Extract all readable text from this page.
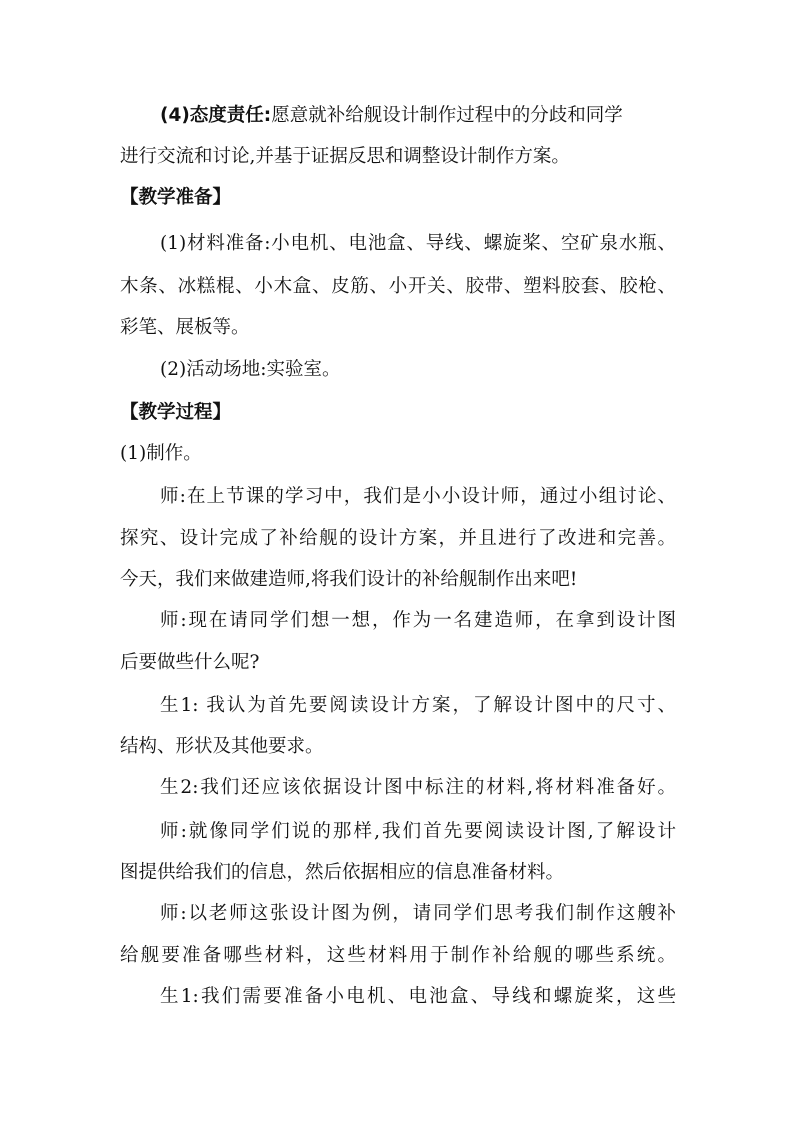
(4)态度责任:愿意就补给舰设计制作过程中的分歧和同学
进行交流和讨论,并基于证据反思和调整设计制作方案。
【教学准备】
(1)材料准备:小电机、电池盒、导线、螺旋桨、空矿泉水瓶、
木条、冰糕棍、小木盒、皮筋、小开关、胶带、塑料胶套、胶枪、
彩笔、展板等。
(2)活动场地:实验室。
【教学过程】
(1)制作。
师:在上节课的学习中，我们是小小设计师，通过小组讨论、
探究、设计完成了补给舰的设计方案，并且进行了改进和完善。
今天，我们来做建造师,将我们设计的补给舰制作出来吧!
师:现在请同学们想一想，作为一名建造师，在拿到设计图
后要做些什么呢?
生1: 我认为首先要阅读设计方案，了解设计图中的尺寸、
结构、形状及其他要求。
生2:我们还应该依据设计图中标注的材料,将材料准备好。
师:就像同学们说的那样,我们首先要阅读设计图,了解设计
图提供给我们的信息，然后依据相应的信息准备材料。
师:以老师这张设计图为例，请同学们思考我们制作这艘补
给舰要准备哪些材料，这些材料用于制作补给舰的哪些系统。
生1:我们需要准备小电机、电池盒、导线和螺旋桨，这些
